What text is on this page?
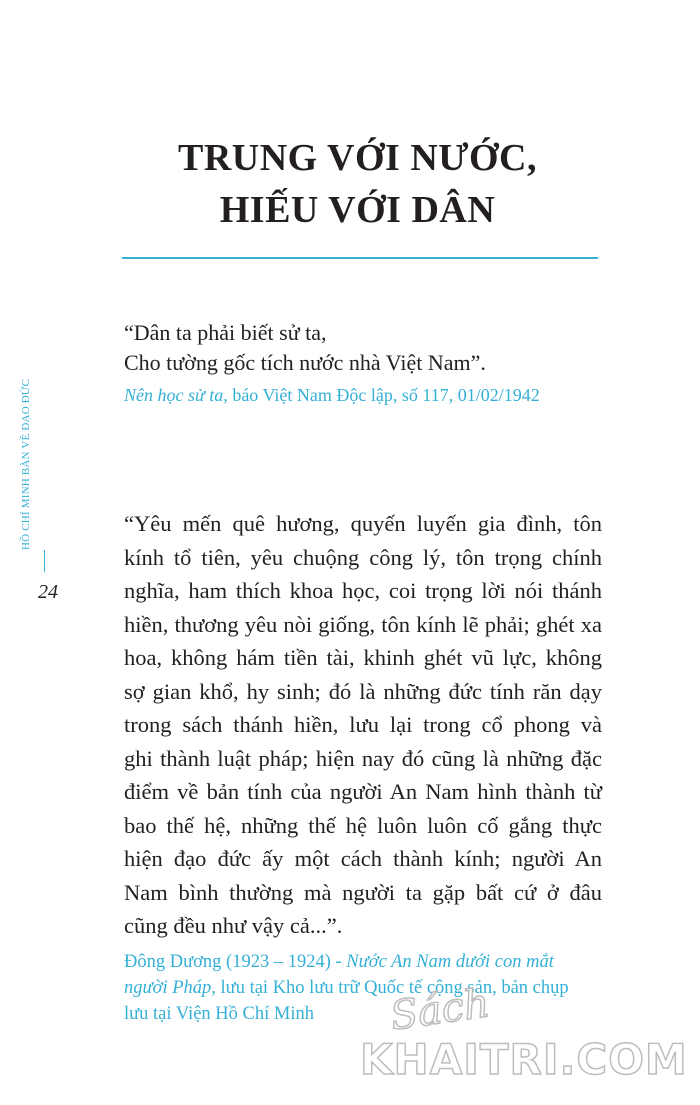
TRUNG VỚI NƯỚC,
HIẾU VỚI DÂN
HỒ CHÍ MINH BÀN VỀ ĐẠO ĐỨC
24
“Dân ta phải biết sử ta,
Cho tường gốc tích nước nhà Việt Nam”.

Nên học sử ta, báo Việt Nam Độc lập, số 117, 01/02/1942

“Yêu mến quê hương, quyến luyến gia đình, tôn
kính tổ tiên, yêu chuộng công lý, tôn trọng chính
nghĩa, ham thích khoa học, coi trọng lời nói thánh
hiền, thương yêu nòi giống, tôn kính lẽ phải; ghét xa
hoa, không hám tiền tài, khinh ghét vũ lực, không
sợ gian khổ, hy sinh; đó là những đức tính răn dạy
trong sách thánh hiền, lưu lại trong cổ phong và
ghi thành luật pháp; hiện nay đó cũng là những đặc
điểm về bản tính của người An Nam hình thành từ
bao thế hệ, những thế hệ luôn luôn cố gắng thực
hiện đạo đức ấy một cách thành kính; người An
Nam bình thường mà người ta gặp bất cứ ở đâu
cũng đều như vậy cả...”.

Đông Dương (1923 – 1924) - Nước An Nam dưới con mắt
người Pháp, lưu tại Kho lưu trữ Quốc tế cộng sản, bản chụp
lưu tại Viện Hồ Chí Minh	Sách
KHAITRI.COM
